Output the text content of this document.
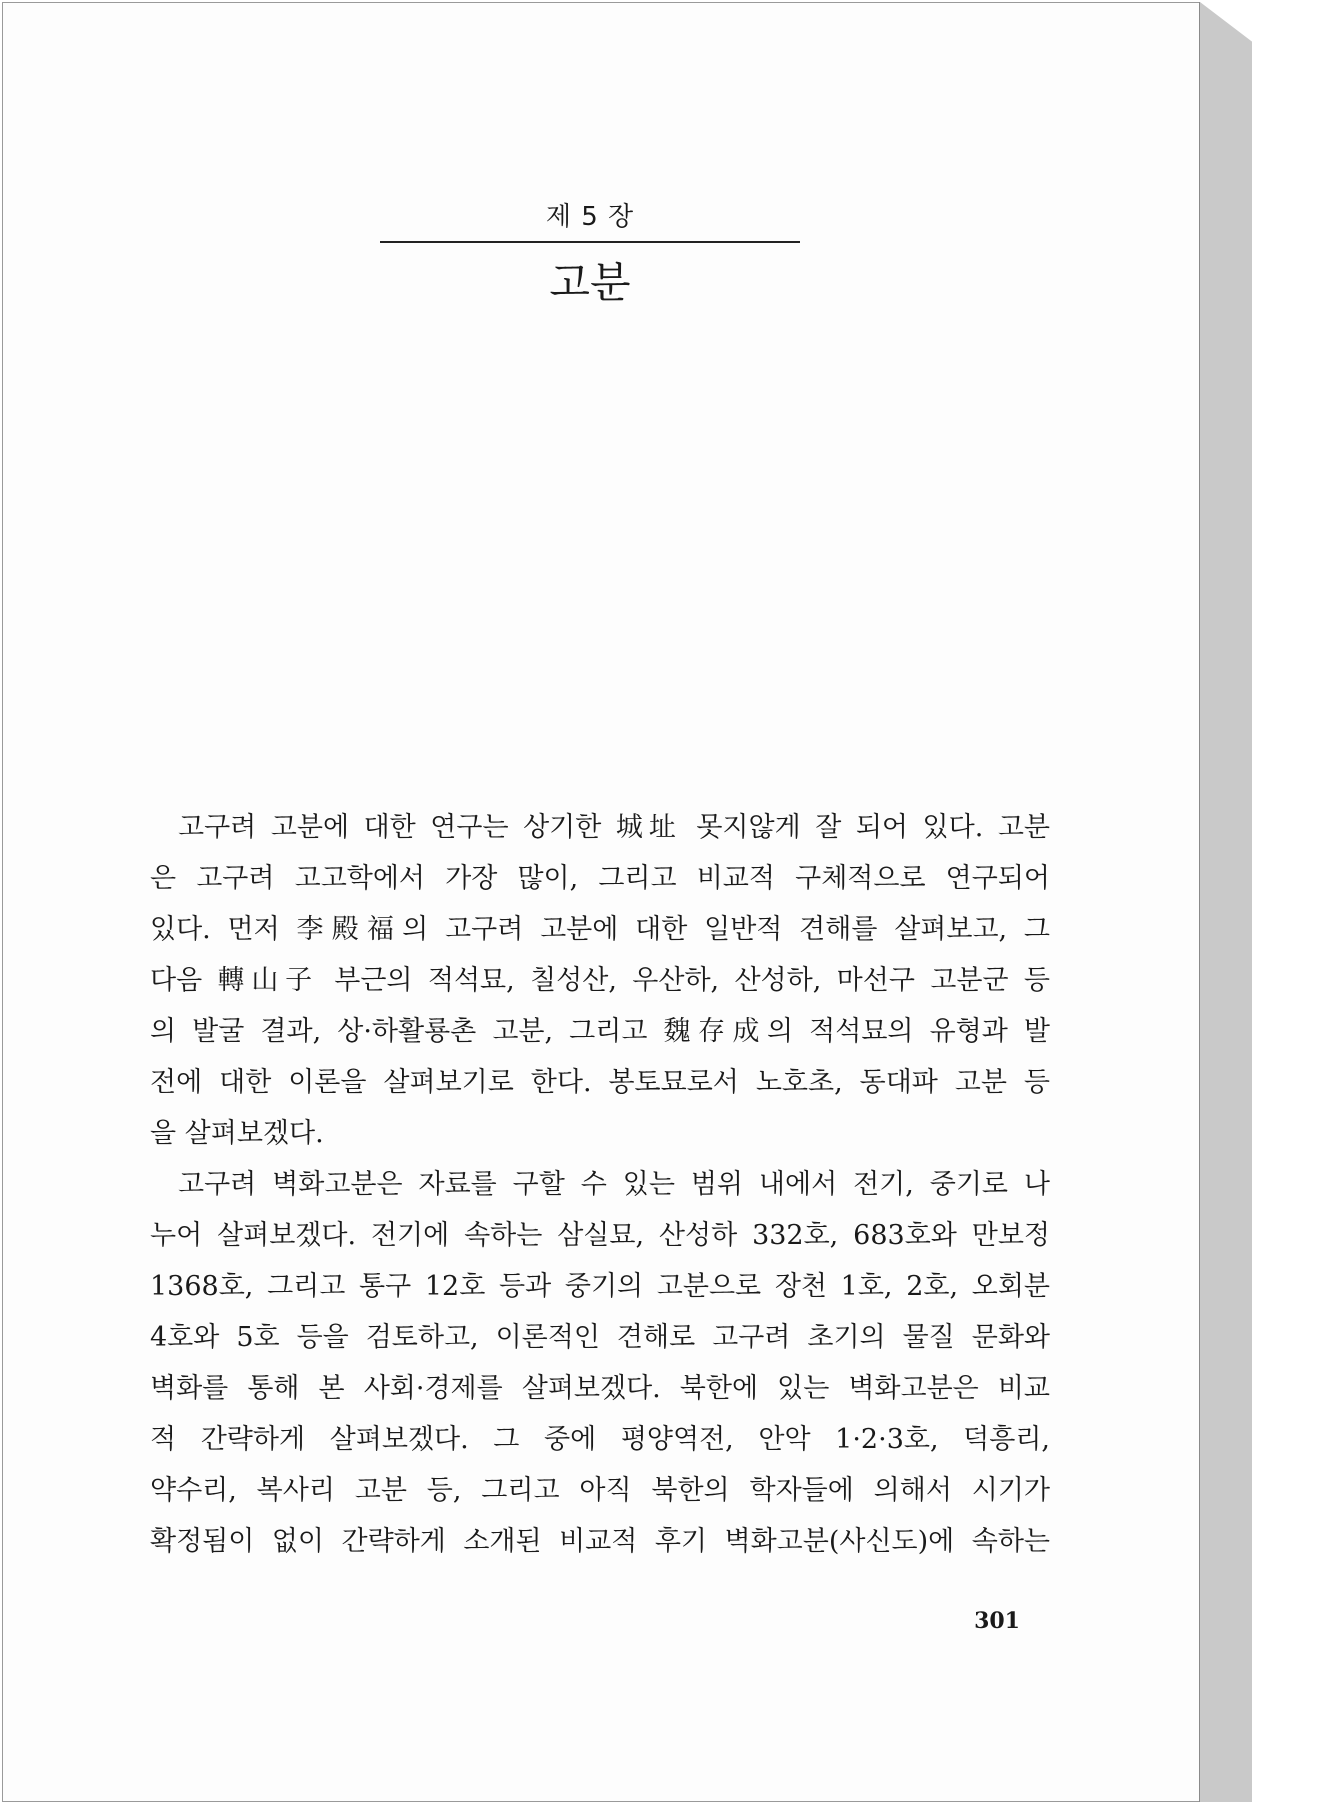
제 5 장
고분
고구려 고분에 대한 연구는 상기한 城址 못지않게 잘 되어 있다. 고분
은 고구려 고고학에서 가장 많이, 그리고 비교적 구체적으로 연구되어
있다. 먼저 李殿福의 고구려 고분에 대한 일반적 견해를 살펴보고, 그
다음 轉山子 부근의 적석묘, 칠성산, 우산하, 산성하, 마선구 고분군 등
의 발굴 결과, 상·하활룡촌 고분, 그리고 魏存成의 적석묘의 유형과 발
전에 대한 이론을 살펴보기로 한다. 봉토묘로서 노호초, 동대파 고분 등
을 살펴보겠다.
고구려 벽화고분은 자료를 구할 수 있는 범위 내에서 전기, 중기로 나
누어 살펴보겠다. 전기에 속하는 삼실묘, 산성하 332호, 683호와 만보정
1368호, 그리고 통구 12호 등과 중기의 고분으로 장천 1호, 2호, 오회분
4호와 5호 등을 검토하고, 이론적인 견해로 고구려 초기의 물질 문화와
벽화를 통해 본 사회·경제를 살펴보겠다. 북한에 있는 벽화고분은 비교
적 간략하게 살펴보겠다. 그 중에 평양역전, 안악 1·2·3호, 덕흥리,
약수리, 복사리 고분 등, 그리고 아직 북한의 학자들에 의해서 시기가
확정됨이 없이 간략하게 소개된 비교적 후기 벽화고분(사신도)에 속하는
301
